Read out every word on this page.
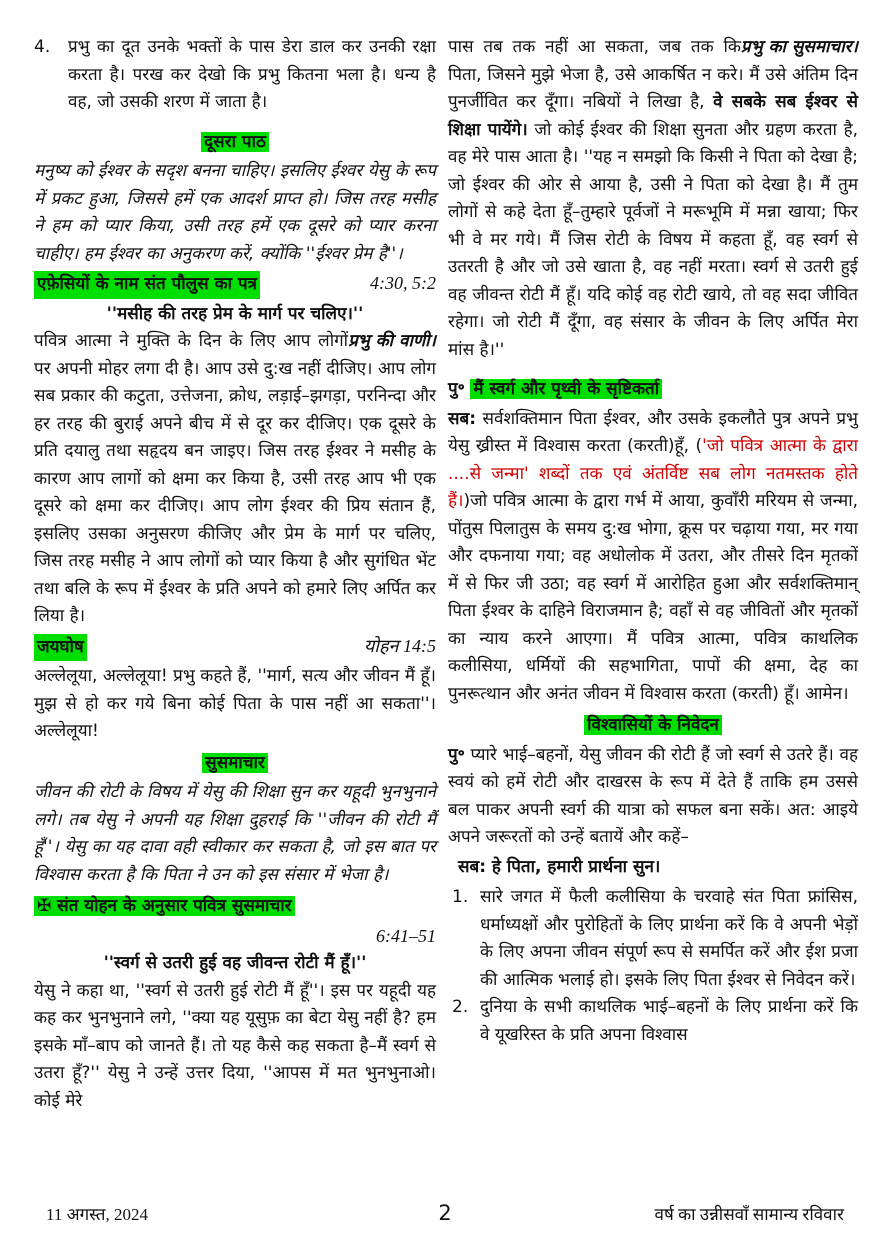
4.	प्रभु का दूत उनके भक्तों के पास डेरा डाल कर उनकी रक्षा करता है। परख कर देखो कि प्रभु कितना भला है। धन्य है वह, जो उसकी शरण में जाता है।

दूसरा पाठ

मनुष्य को ईश्वर के सदृश बनना चाहिए। इसलिए ईश्वर येसु के रूप में प्रकट हुआ, जिससे हमें एक आदर्श प्राप्त हो। जिस तरह मसीह ने हम को प्यार किया, उसी तरह हमें एक दूसरे को प्यार करना चाहीए। हम ईश्वर का अनुकरण करें, क्योंकि ''ईश्वर प्रेम है''।

एफ़ेसियों के नाम संत पौलुस का पत्र	4:30, 5:2

''मसीह की तरह प्रेम के मार्ग पर चलिए।''

प्रभु की वाणी।
पवित्र आत्मा ने मुक्ति के दिन के लिए आप लोगों पर अपनी मोहर लगा दी है। आप उसे दु:ख नहीं दीजिए। आप लोग सब प्रकार की कटुता, उत्तेजना, क्रोध, लड़ाई–झगड़ा, परनिन्दा और हर तरह की बुराई अपने बीच में से दूर कर दीजिए। एक दूसरे के प्रति दयालु तथा सहृदय बन जाइए। जिस तरह ईश्वर ने मसीह के कारण आप लागों को क्षमा कर किया है, उसी तरह आप भी एक दूसरे को क्षमा कर दीजिए। आप लोग ईश्वर की प्रिय संतान हैं, इसलिए उसका अनुसरण कीजिए और प्रेम के मार्ग पर चलिए, जिस तरह मसीह ने आप लोगों को प्यार किया है और सुगंधित भेंट तथा बलि के रूप में ईश्वर के प्रति अपने को हमारे लिए अर्पित कर लिया है।

जयघोष	योहन 14:5

अल्लेलूया, अल्लेलूया! प्रभु कहते हैं, ''मार्ग, सत्य और जीवन मैं हूँ। मुझ से हो कर गये बिना कोई पिता के पास नहीं आ सकता''। अल्लेलूया!

सुसमाचार

जीवन की रोटी के विषय में येसु की शिक्षा सुन कर यहूदी भुनभुनाने लगे। तब येसु ने अपनी यह शिक्षा दुहराई कि ''जीवन की रोटी मैं हूँ''। येसु का यह दावा वही स्वीकार कर सकता है, जो इस बात पर विश्वास करता है कि पिता ने उन को इस संसार में भेजा है।

✠ संत योहन के अनुसार पवित्र सुसमाचार

6:41–51

''स्वर्ग से उतरी हुई वह जीवन्त रोटी मैं हूँ।''

येसु ने कहा था, ''स्वर्ग से उतरी हुई रोटी मैं हूँ''। इस पर यहूदी यह कह कर भुनभुनाने लगे, ''क्या यह यूसुफ़ का बेटा येसु नहीं है? हम इसके माँ–बाप को जानते हैं। तो यह कैसे कह सकता है–मैं स्वर्ग से उतरा हूँ?'' येसु ने उन्हें उत्तर दिया, ''आपस में मत भुनभुनाओ। कोई मेरे

प्रभु का सुसमाचार।
पास तब तक नहीं आ सकता, जब तक कि पिता, जिसने मुझे भेजा है, उसे आकर्षित न करे। मैं उसे अंतिम दिन पुनर्जीवित कर दूँगा। नबियों ने लिखा है, वे सबके सब ईश्वर से शिक्षा पायेंगे। जो कोई ईश्वर की शिक्षा सुनता और ग्रहण करता है, वह मेरे पास आता है। ''यह न समझो कि किसी ने पिता को देखा है; जो ईश्वर की ओर से आया है, उसी ने पिता को देखा है। मैं तुम लोगों से कहे देता हूँ–तुम्हारे पूर्वजों ने मरूभूमि में मन्ना खाया; फिर भी वे मर गये। मैं जिस रोटी के विषय में कहता हूँ, वह स्वर्ग से उतरती है और जो उसे खाता है, वह नहीं मरता। स्वर्ग से उतरी हुई वह जीवन्त रोटी मैं हूँ। यदि कोई वह रोटी खाये, तो वह सदा जीवित रहेगा। जो रोटी मैं दूँगा, वह संसार के जीवन के लिए अर्पित मेरा मांस है।''

पु॰ मैं स्वर्ग और पृथ्वी के सृष्टिकर्ता

सब: सर्वशक्तिमान पिता ईश्वर, और उसके इकलौते पुत्र अपने प्रभु येसु ख्रीस्त में विश्वास करता (करती)हूँ, ('जो पवित्र आत्मा के द्वारा ....से जन्मा' शब्दों तक एवं अंतर्विष्ट सब लोग नतमस्तक होते हैं।)जो पवित्र आत्मा के द्वारा गर्भ में आया, कुवाँरी मरियम से जन्मा, पोंतुस पिलातुस के समय दु:ख भोगा, क्रूस पर चढ़ाया गया, मर गया और दफनाया गया; वह अधोलोक में उतरा, और तीसरे दिन मृतकों में से फिर जी उठा; वह स्वर्ग में आरोहित हुआ और सर्वशक्तिमान् पिता ईश्वर के दाहिने विराजमान है; वहाँ से वह जीवितों और मृतकों का न्याय करने आएगा। मैं पवित्र आत्मा, पवित्र काथलिक कलीसिया, धर्मियों की सहभागिता, पापों की क्षमा, देह का पुनरूत्थान और अनंत जीवन में विश्वास करता (करती) हूँ। आमेन।

विश्वासियों के निवेदन

पु॰ प्यारे भाई–बहनों, येसु जीवन की रोटी हैं जो स्वर्ग से उतरे हैं। वह स्वयं को हमें रोटी और दाखरस के रूप में देते हैं ताकि हम उससे बल पाकर अपनी स्वर्ग की यात्रा को सफल बना सकें। अत: आइये अपने जरूरतों को उन्हें बतायें और कहें–

सब: हे पिता, हमारी प्रार्थना सुन।

1. सारे जगत में फैली कलीसिया के चरवाहे संत पिता फ्रांसिस, धर्माध्यक्षों और पुरोहितों के लिए प्रार्थना करें कि वे अपनी भेड़ों के लिए अपना जीवन संपूर्ण रूप से समर्पित करें और ईश प्रजा की आत्मिक भलाई हो। इसके लिए पिता ईश्वर से निवेदन करें।
2. दुनिया के सभी काथलिक भाई–बहनों के लिए प्रार्थना करें कि वे यूखरिस्त के प्रति अपना विश्वास
11 अगस्त, 2024	2	वर्ष का उन्नीसवाँ सामान्य रविवार
